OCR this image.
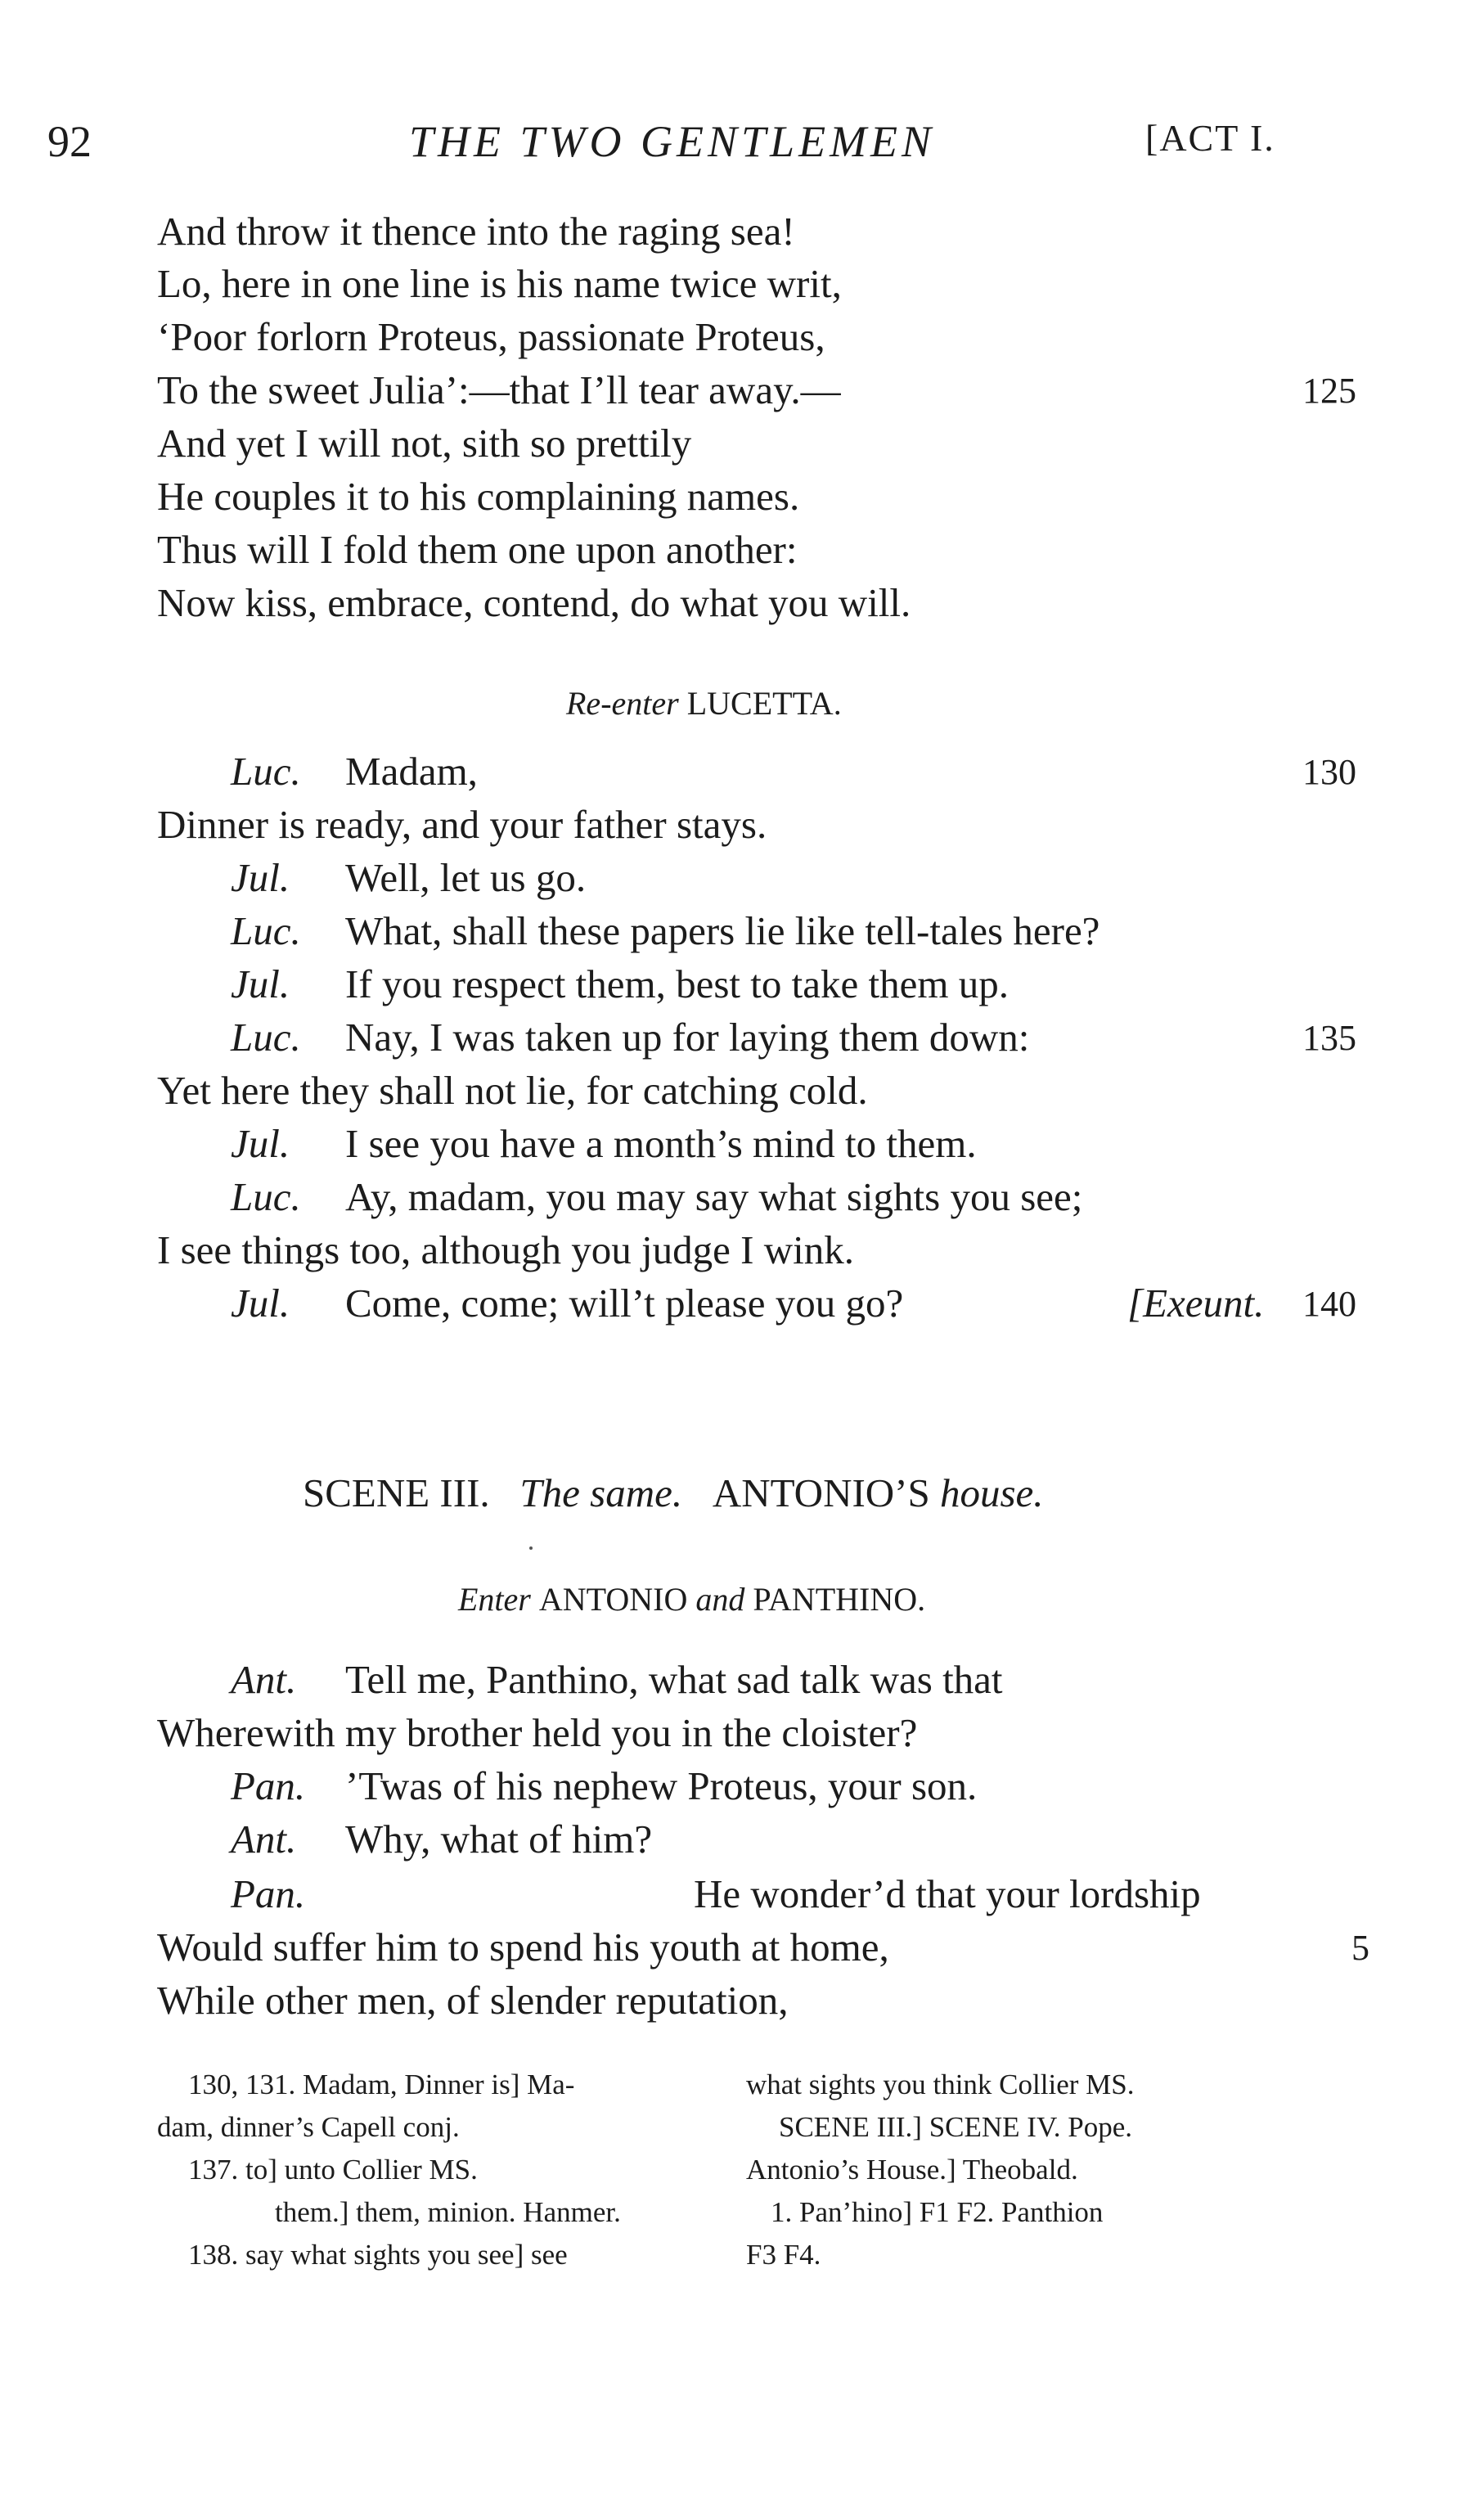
92	THE TWO GENTLEMEN	[ACT I.
And throw it thence into the raging sea!
Lo, here in one line is his name twice writ,
‘Poor forlorn Proteus, passionate Proteus,
To the sweet Julia’:—that I’ll tear away.—	125
And yet I will not, sith so prettily
He couples it to his complaining names.
Thus will I fold them one upon another:
Now kiss, embrace, contend, do what you will.
Re-enter LUCETTA.
Luc. Madam,	130
Dinner is ready, and your father stays.
Jul. Well, let us go.
Luc. What, shall these papers lie like tell-tales here?
Jul. If you respect them, best to take them up.
Luc. Nay, I was taken up for laying them down:	135
Yet here they shall not lie, for catching cold.
Jul. I see you have a month’s mind to them.
Luc. Ay, madam, you may say what sights you see;
I see things too, although you judge I wink.
Jul. Come, come; will’t please you go?	[Exeunt. 140
SCENE III. The same. ANTONIO’S house.
Enter ANTONIO and PANTHINO.
Ant. Tell me, Panthino, what sad talk was that
Wherewith my brother held you in the cloister?
Pan. ’Twas of his nephew Proteus, your son.
Ant. Why, what of him?
Pan.	He wonder’d that your lordship
Would suffer him to spend his youth at home,	5
While other men, of slender reputation,
130, 131. Madam, Dinner is] Ma-
dam, dinner’s Capell conj.
137. to] unto Collier MS.
them.] them, minion. Hanmer.
138. say what sights you see] see
what sights you think Collier MS.
SCENE III.] SCENE IV. Pope.
Antonio’s House.] Theobald.
1. Pan’hino] F1 F2. Panthion
F3 F4.
